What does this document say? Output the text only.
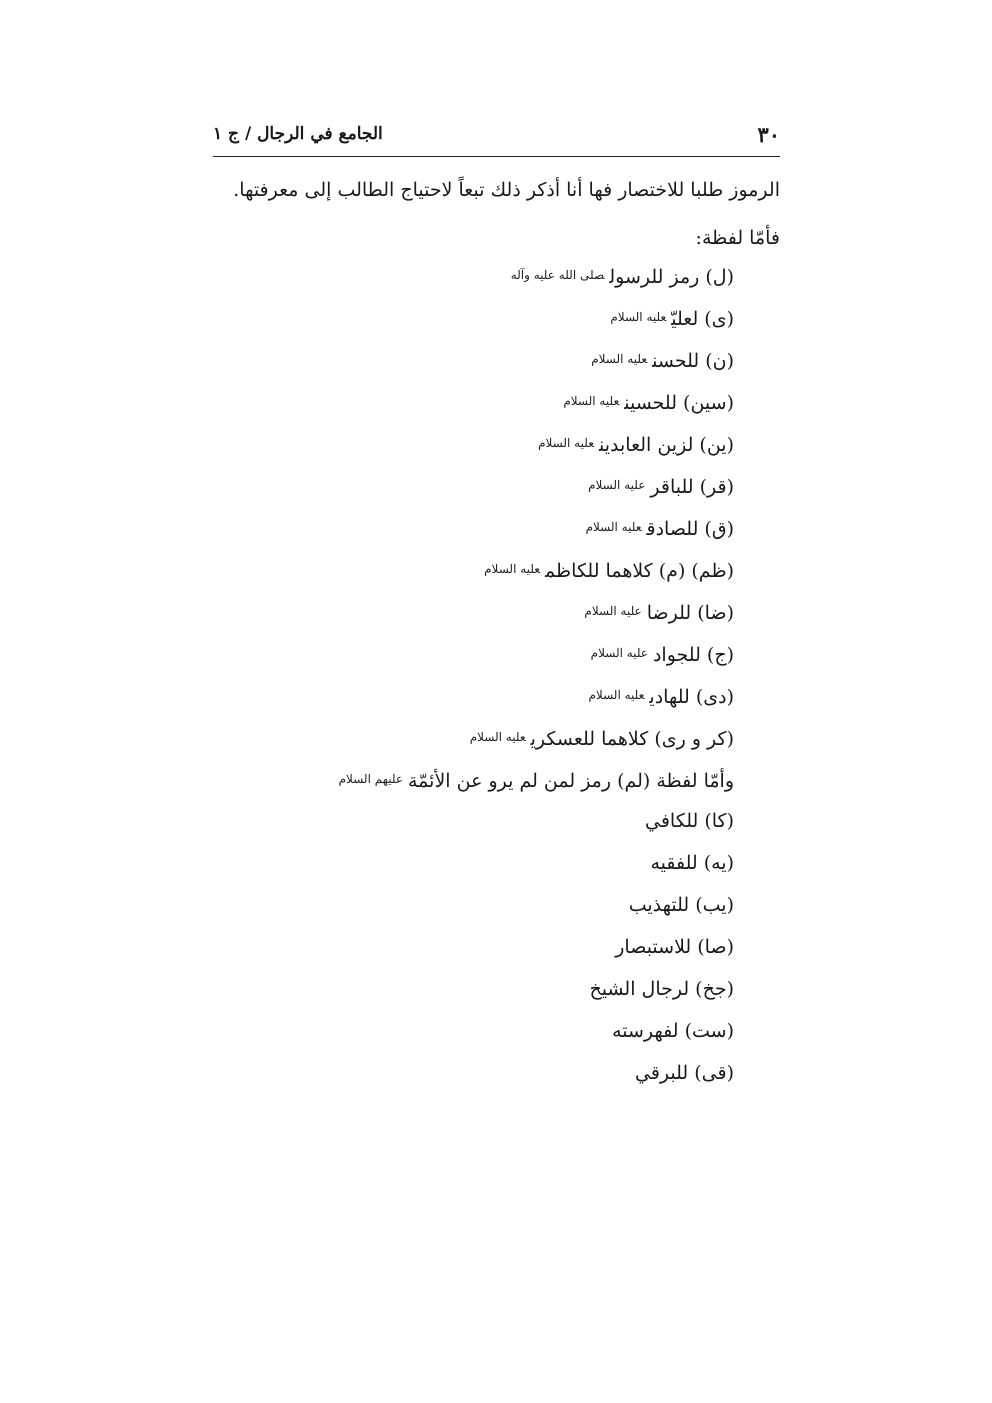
٣٠
الجامع في الرجال / ج ١

الرموز طلبا للاختصار فها أنا أذكر ذلك تبعاً لاحتياج الطالب إلى معرفتها. فأمّا لفظة:

(ل) رمز للرسول$^{صلى الله عليه وآله}$
(ى) لعليّ$^{عليه السلام}$
(ن) للحسن$^{عليه السلام}$
(سين) للحسين$^{عليه السلام}$
(ين) لزين العابدين$^{عليه السلام}$
(قر) للباقر$^{عليه السلام}$
(ق) للصادق$^{عليه السلام}$
(ظم) (م) كلاهما للكاظم$^{عليه السلام}$
(ضا) للرضا$^{عليه السلام}$
(ج) للجواد$^{عليه السلام}$
(دى) للهادي$^{عليه السلام}$
(كر و رى) كلاهما للعسكري$^{عليه السلام}$
وأمّا لفظة (لم) رمز لمن لم يرو عن الأئمّة$^{عليهم السلام}$
(كا) للكافي
(يه) للفقيه
(يب) للتهذيب
(صا) للاستبصار
(جخ) لرجال الشيخ
(ست) لفهرسته
(قى) للبرقي
